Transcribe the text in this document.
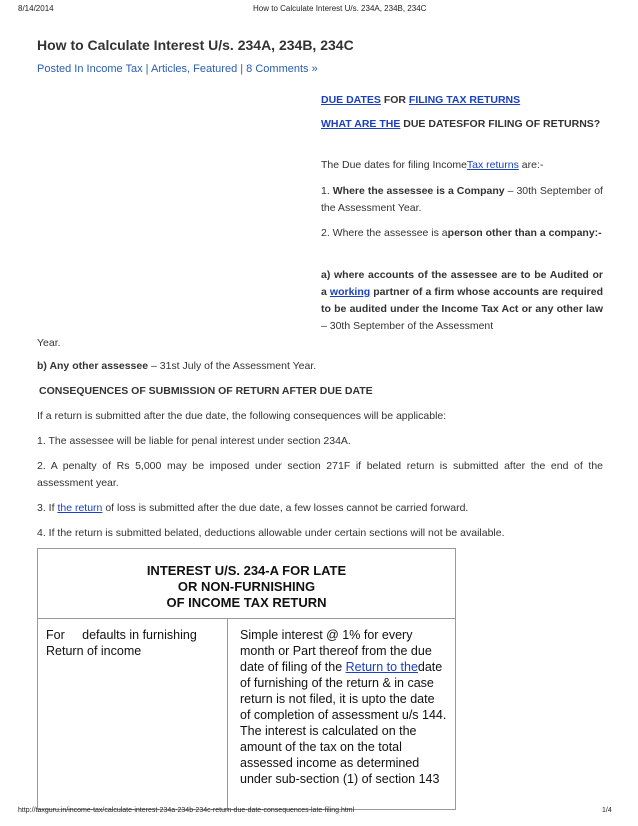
8/14/2014	How to Calculate Interest U/s. 234A, 234B, 234C
How to Calculate Interest U/s. 234A, 234B, 234C
Posted In Income Tax | Articles, Featured | 8 Comments »
DUE DATES FOR FILING TAX RETURNS
WHAT ARE THE DUE DATESFOR FILING OF RETURNS?
The Due dates for filing IncomeTax returns are:-
1. Where the assessee is a Company – 30th September of the Assessment Year.
2. Where the assessee is aperson other than a company:-
a) where accounts of the assessee are to be Audited or a working partner of a firm whose accounts are required to be audited under the Income Tax Act or any other law – 30th September of the Assessment
Year.
b) Any other assessee – 31st July of the Assessment Year.
CONSEQUENCES OF SUBMISSION OF RETURN AFTER DUE DATE
If a return is submitted after the due date, the following consequences will be applicable:
1. The assessee will be liable for penal interest under section 234A.
2. A penalty of Rs 5,000 may be imposed under section 271F if belated return is submitted after the end of the assessment year.
3. If the return of loss is submitted after the due date, a few losses cannot be carried forward.
4. If the return is submitted belated, deductions allowable under certain sections will not be available.
INTEREST U/S. 234-A FOR LATE
OR NON-FURNISHING
OF INCOME TAX RETURN
For     defaults in furnishing Return of income
Simple interest @ 1% for every month or Part thereof from the due date of filing of the Return to thedate of furnishing of the return & in case return is not filed, it is upto the date of completion of assessment u/s 144. The interest is calculated on the amount of the tax on the total assessed income as determined under sub-section (1) of section 143
http://taxguru.in/income-tax/calculate-interest-234a-234b-234c-return-due-date-consequences-late-filing.html	1/4
